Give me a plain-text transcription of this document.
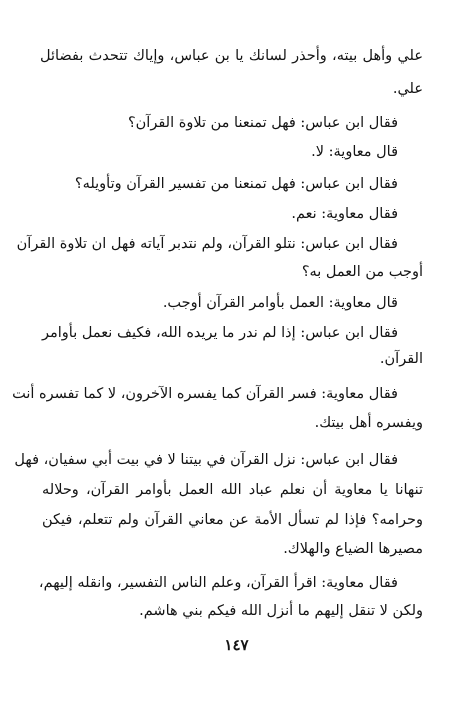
علي وأهل بيته، وأحذر لسانك يا بن عباس، وإياك تتحدث بفضائل
علي.
فقال ابن عباس: فهل تمنعنا من تلاوة القرآن؟
قال معاوية: لا.
فقال ابن عباس: فهل تمنعنا من تفسير القرآن وتأويله؟
فقال معاوية: نعم.
فقال ابن عباس: نتلو القرآن، ولم نتدبر آياته فهل ان تلاوة القرآن
أوجب من العمل به؟
قال معاوية: العمل بأوامر القرآن أوجب.
فقال ابن عباس: إذا لم ندر ما يريده الله، فكيف نعمل بأوامر
القرآن.
فقال معاوية: فسر القرآن كما يفسره الآخرون، لا كما تفسره أنت
ويفسره أهل بيتك.
فقال ابن عباس: نزل القرآن في بيتنا لا في بيت أبي سفيان، فهل
تنهانا يا معاوية أن نعلم عباد الله العمل بأوامر القرآن، وحلاله
وحرامه؟ فإذا لم تسأل الأمة عن معاني القرآن ولم تتعلم، فيكن
مصيرها الضياع والهلاك.
فقال معاوية: اقرأ القرآن، وعلم الناس التفسير، وانقله إليهم،
ولكن لا تنقل إليهم ما أنزل الله فيكم بني هاشم.
١٤٧
